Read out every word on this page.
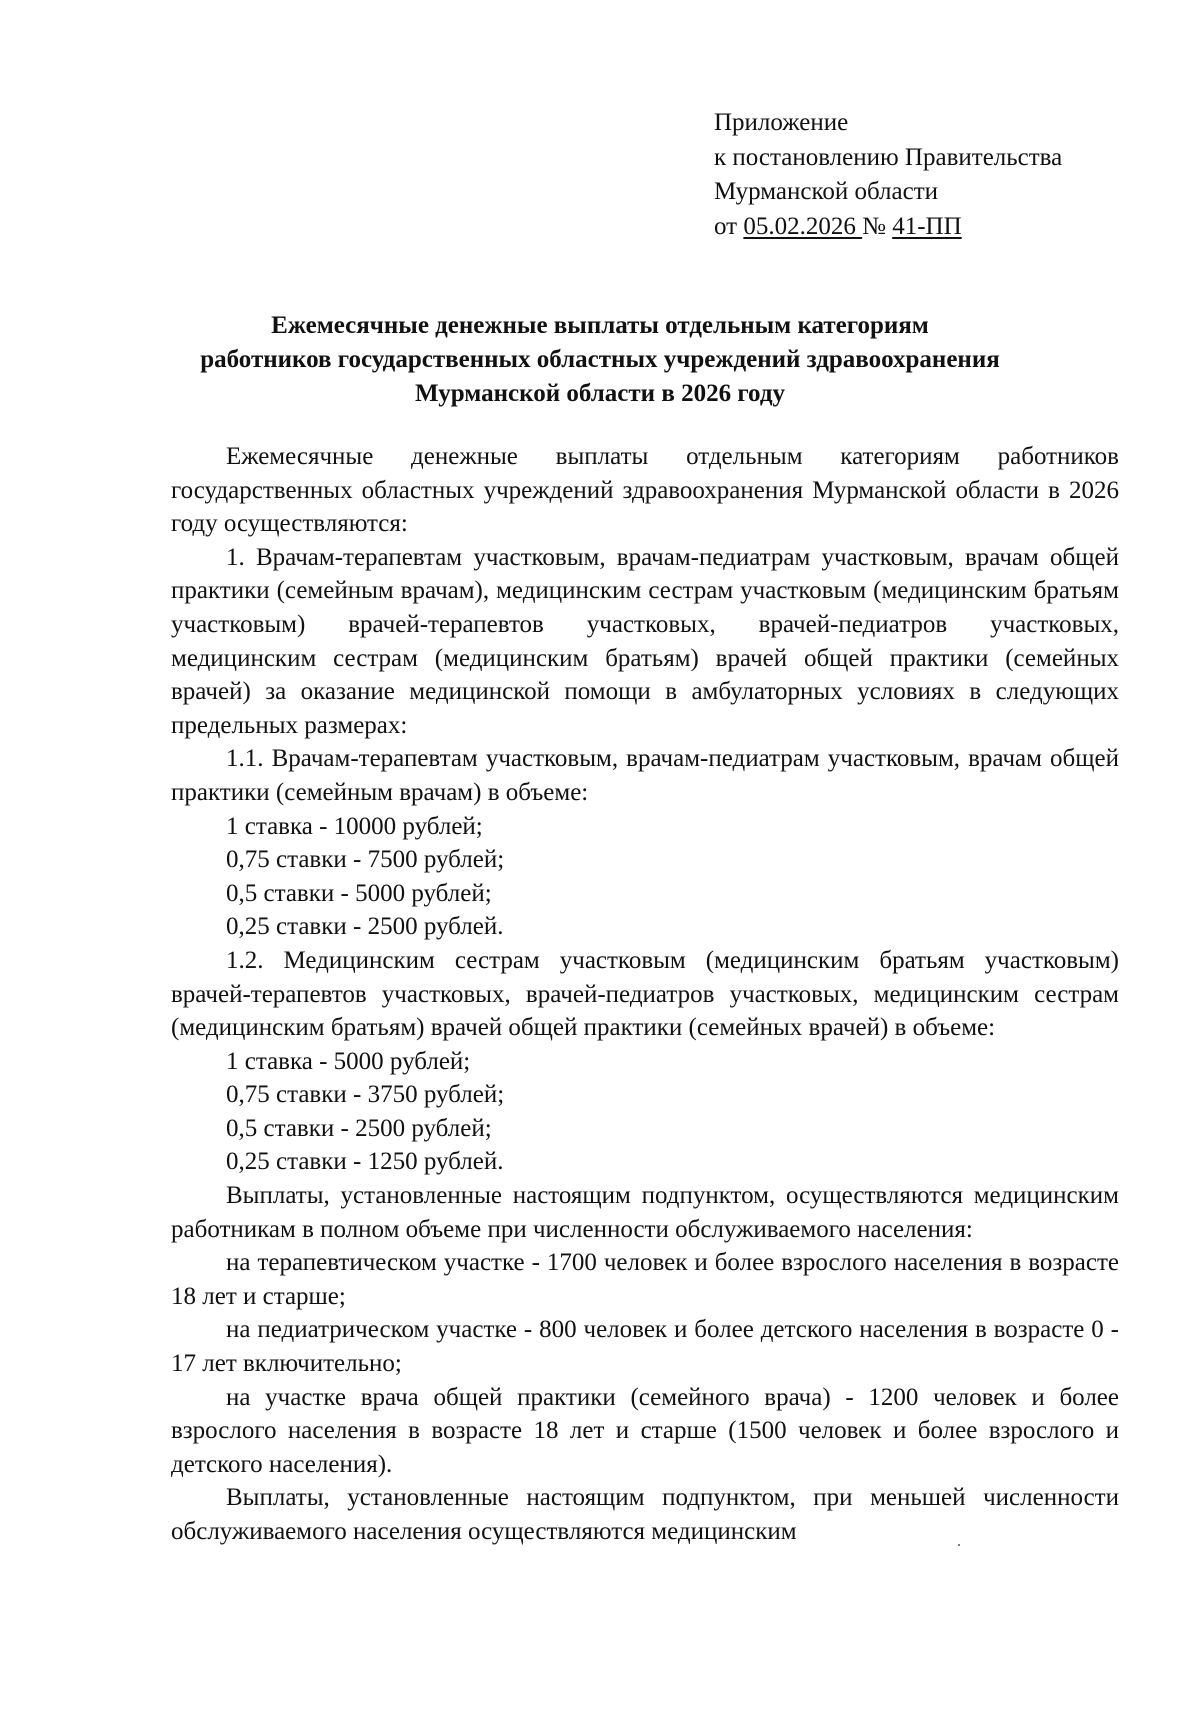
Приложение
к постановлению Правительства
Мурманской области
от 05.02.2026 № 41-ПП
Ежемесячные денежные выплаты отдельным категориям
работников государственных областных учреждений здравоохранения
Мурманской области в 2026 году

Ежемесячные денежные выплаты отдельным категориям работников государственных областных учреждений здравоохранения Мурманской области в 2026 году осуществляются:

1. Врачам-терапевтам участковым, врачам-педиатрам участковым, врачам общей практики (семейным врачам), медицинским сестрам участковым (медицинским братьям участковым) врачей-терапевтов участковых, врачей-педиатров участковых, медицинским сестрам (медицинским братьям) врачей общей практики (семейных врачей) за оказание медицинской помощи в амбулаторных условиях в следующих предельных размерах:

1.1. Врачам-терапевтам участковым, врачам-педиатрам участковым, врачам общей практики (семейным врачам) в объеме:

1 ставка - 10000 рублей;

0,75 ставки - 7500 рублей;

0,5 ставки - 5000 рублей;

0,25 ставки - 2500 рублей.

1.2. Медицинским сестрам участковым (медицинским братьям участковым) врачей-терапевтов участковых, врачей-педиатров участковых, медицинским сестрам (медицинским братьям) врачей общей практики (семейных врачей) в объеме:

1 ставка - 5000 рублей;

0,75 ставки - 3750 рублей;

0,5 ставки - 2500 рублей;

0,25 ставки - 1250 рублей.

Выплаты, установленные настоящим подпунктом, осуществляются медицинским работникам в полном объеме при численности обслуживаемого населения:

на терапевтическом участке - 1700 человек и более взрослого населения в возрасте 18 лет и старше;

на педиатрическом участке - 800 человек и более детского населения в возрасте 0 - 17 лет включительно;

на участке врача общей практики (семейного врача) - 1200 человек и более взрослого населения в возрасте 18 лет и старше (1500 человек и более взрослого и детского населения).

Выплаты, установленные настоящим подпунктом, при меньшей численности обслуживаемого населения осуществляются медицинским
